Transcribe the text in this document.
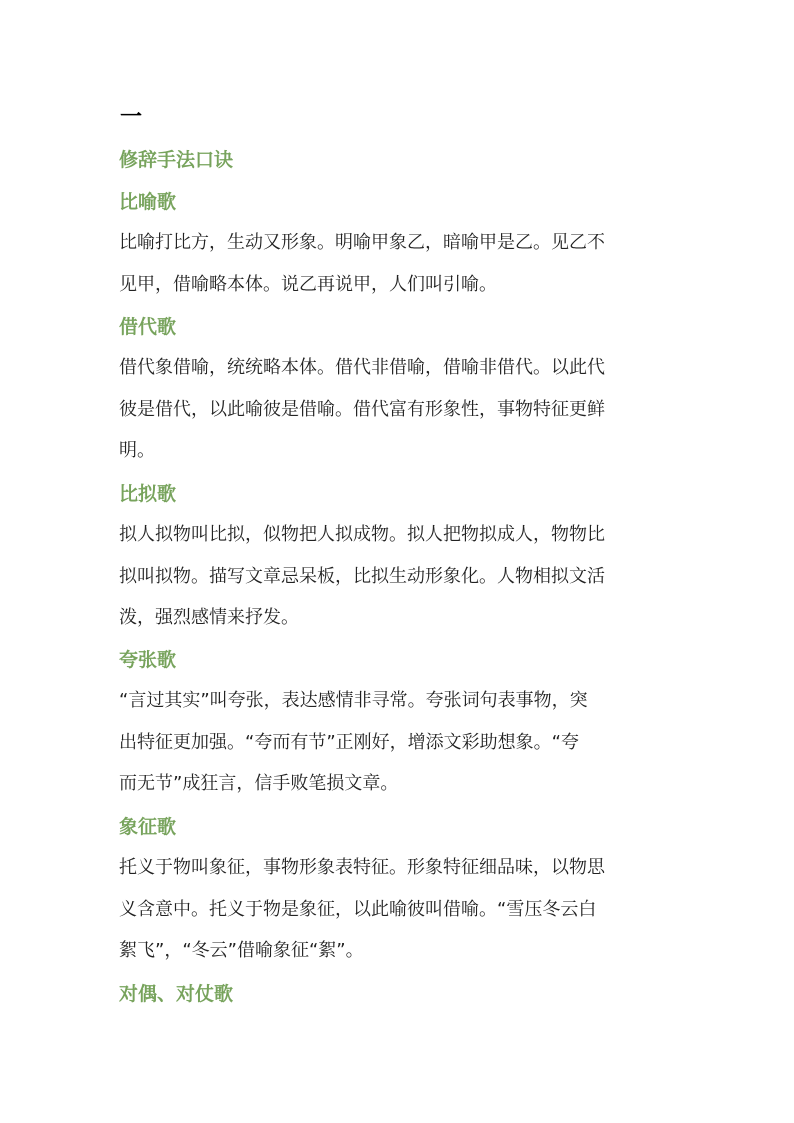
一
修辞手法口诀
比喻歌
比喻打比方，生动又形象。明喻甲象乙，暗喻甲是乙。见乙不
见甲，借喻略本体。说乙再说甲，人们叫引喻。
借代歌
借代象借喻，统统略本体。借代非借喻，借喻非借代。以此代
彼是借代，以此喻彼是借喻。借代富有形象性，事物特征更鲜
明。
比拟歌
拟人拟物叫比拟，似物把人拟成物。拟人把物拟成人，物物比
拟叫拟物。描写文章忌呆板，比拟生动形象化。人物相拟文活
泼，强烈感情来抒发。
夸张歌
“言过其实”叫夸张，表达感情非寻常。夸张词句表事物，突
出特征更加强。“夸而有节”正刚好，增添文彩助想象。“夸
而无节”成狂言，信手败笔损文章。
象征歌
托义于物叫象征，事物形象表特征。形象特征细品味，以物思
义含意中。托义于物是象征，以此喻彼叫借喻。“雪压冬云白
絮飞”，“冬云”借喻象征“絮”。
对偶、对仗歌
